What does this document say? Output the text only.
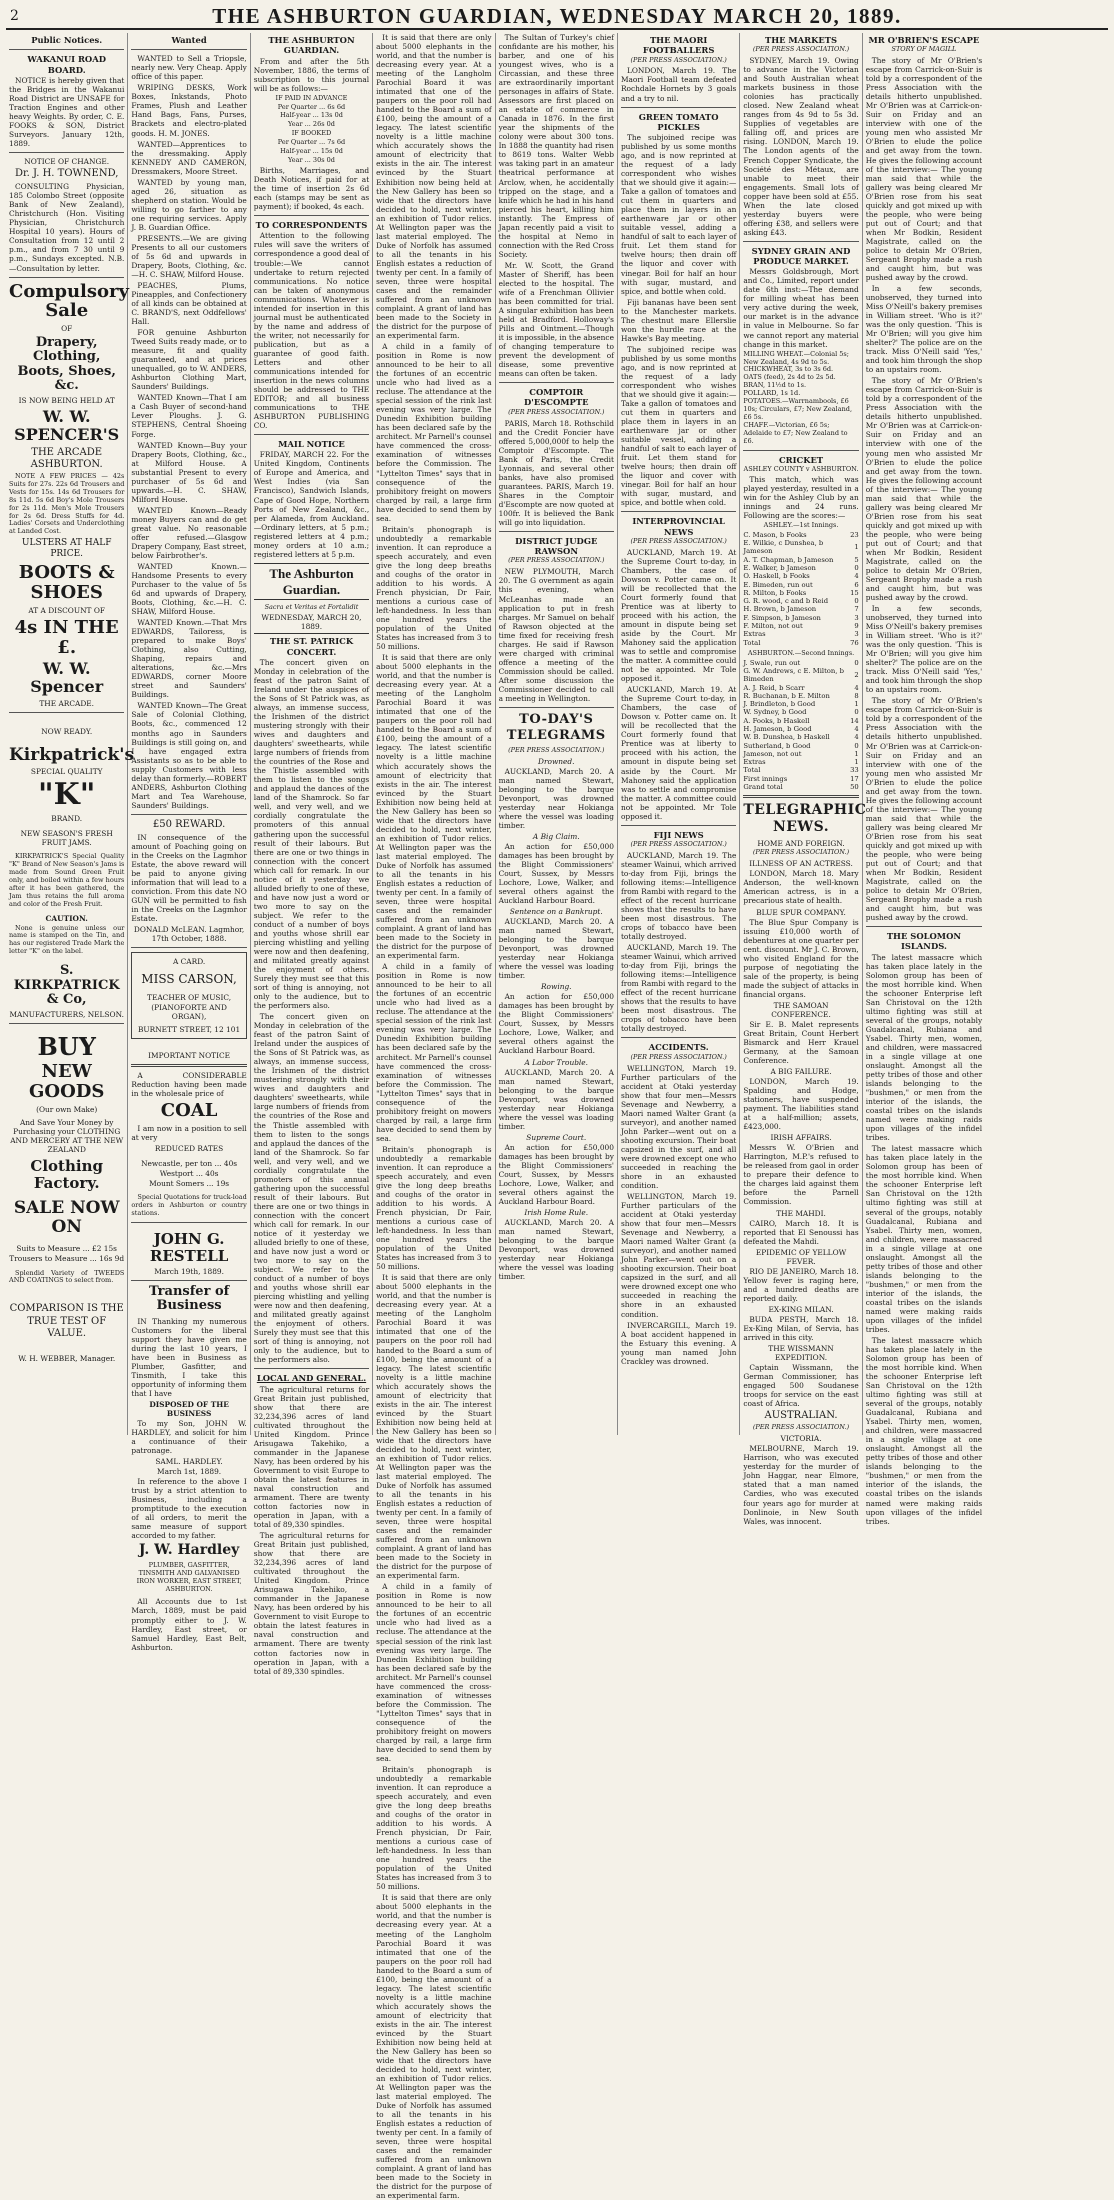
2	THE ASHBURTON GUARDIAN, WEDNESDAY MARCH 20, 1889.
Public Notices.
WAKANUI ROAD BOARD.

NOTICE is hereby given that the Bridges in the Wakanui Road District are UNSAFE for Traction Engines and other heavy Weights. By order, C. E. FOOKS & SON, District Surveyors. January 12th, 1889.

NOTICE OF CHANGE.
Dr. J. H. TOWNEND,

CONSULTING Physician, 185 Colombo Street (opposite Bank of New Zealand), Christchurch (Hon. Visiting Physician, Christchurch Hospital 10 years). Hours of Consultation from 12 until 2 p.m., and from 7 30 until 9 p.m., Sundays excepted. N.B.—Consultation by letter.

Compulsory Sale
OF
Drapery, Clothing, Boots, Shoes, &c.
IS NOW BEING HELD AT
W. W. SPENCER'S
THE ARCADE ASHBURTON.

NOTE A FEW PRICES — 42s Suits for 27s. 22s 6d Trousers and Vests for 15s. 14s 6d Trousers for 8s 11d. 5s 6d Boy's Mole Trousers for 2s 11d. Men's Mole Trousers for 2s 6d. Dress Stuffs for 4d. Ladies' Corsets and Underclothing at Landed Cost.

ULSTERS AT HALF PRICE.
BOOTS & SHOES
AT A DISCOUNT OF
4s IN THE £.
W. W. Spencer
THE ARCADE.
NOW READY.
Kirkpatrick's
SPECIAL QUALITY
"K"
BRAND.
NEW SEASON'S FRESH FRUIT JAMS.

KIRKPATRICK'S Special Quality "K" Brand of New Season's Jams is made from Sound Green Fruit only, and boiled within a few hours after it has been gathered, the Jam thus retains the full aroma and color of the Fresh Fruit.

CAUTION.

None is genuine unless our name is stamped on the Tin, and has our registered Trade Mark the letter "K" on the label.

S. KIRKPATRICK & Co,
MANUFACTURERS, NELSON.
BUY
NEW GOODS
(Our own Make)
And Save Your Money by Purchasing your CLOTHING AND MERCERY AT THE NEW ZEALAND
Clothing Factory.
SALE NOW ON
Suits to Measure ... £2 15s
Trousers to Measure ... 16s 9d

Splendid Variety of TWEEDS AND COATINGS to select from.

COMPARISON IS THE TRUE TEST OF VALUE.
W. H. WEBBER, Manager.
Wanted

WANTED to Sell a Triopsle, nearly new. Very Cheap. Apply office of this paper.

WRIPING DESKS, Work Boxes, Inkstands, Photo Frames, Plush and Leather Hand Bags, Fans, Purses, Brackets and electro-plated goods. H. M. JONES.

WANTED—Apprentices to the dressmaking. Apply KENNEDY AND CAMERON, Dressmakers, Moore Street.

WANTED by young man, aged 26, situation as shepherd on station. Would be willing to go farther to any one requiring services. Apply J. B. Guardian Office.

PRESENTS.—We are giving Presents to all our customers of 5s 6d and upwards in Drapery, Boots, Clothing, &c.—H. C. SHAW, Milford House.

PEACHES, Plums, Pineapples, and Confectionery of all kinds can be obtained at C. BRAND'S, next Oddfellows' Hall.

FOR genuine Ashburton Tweed Suits ready made, or to measure, fit and quality guaranteed, and at prices unequalled, go to W. ANDERS, Ashburton Clothing Mart, Saunders' Buildings.

WANTED Known—That I am a Cash Buyer of second-hand Lever Ploughs. J. G. STEPHENS, Central Shoeing Forge.

WANTED Known—Buy your Drapery Boots, Clothing, &c., at Milford House. A substantial Present to every purchaser of 5s 6d and upwards.—H. C. SHAW, Milford House.

WANTED Known—Ready money Buyers can and do get great value. No reasonable offer refused.—Glasgow Drapery Company, East street, below Fairbrother's.

WANTED Known.—Handsome Presents to every Purchaser to the value of 5s 6d and upwards of Drapery, Boots, Clothing, &c.—H. C. SHAW, Milford House.

WANTED Known.—That Mrs EDWARDS, Tailoress, is prepared to make Boys' Clothing, also Cutting, Shaping, repairs and alterations, &c.—Mrs EDWARDS, corner Moore street and Saunders' Buildings.

WANTED Known—The Great Sale of Colonial Clothing, Boots, &c., commenced 12 months ago in Saunders Buildings is still going on, and I have engaged extra Assistants so as to be able to supply Customers with less delay than formerly.—ROBERT ANDERS, Ashburton Clothing Mart and Tea Warehouse, Saunders' Buildings.

£50 REWARD.

IN consequence of the amount of Poaching going on in the Creeks on the Lagmhor Estate, the above reward will be paid to anyone giving information that will lead to a conviction. From this date NO GUN will be permitted to fish in the Creeks on the Lagmhor Estate.

DONALD McLEAN. Lagmhor, 17th October, 1888.
A CARD.
MISS CARSON,
TEACHER OF MUSIC,
(PIANOFORTE AND ORGAN),
BURNETT STREET, 12 101
IMPORTANT NOTICE

A CONSIDERABLE Reduction having been made in the wholesale price of

COAL

I am now in a position to sell at very

REDUCED RATES
Newcastle, per ton ... 40s
Westport ... 40s
Mount Somers ... 19s

Special Quotations for truck-load orders in Ashburton or country stations.

JOHN G. RESTELL
March 19th, 1889.
Transfer of Business

IN Thanking my numerous Customers for the liberal support they have given me during the last 10 years, I have been in Business as Plumber, Gasfitter, and Tinsmith, I take this opportunity of informing them that I have

DISPOSED OF THE BUSINESS

To my Son, JOHN W. HARDLEY, and solicit for him a continuance of their patronage.

SAML. HARDLEY.
March 1st, 1889.

In reference to the above I trust by a strict attention to Business, including a promptitude to the execution of all orders, to merit the same measure of support accorded to my father.

J. W. Hardley
PLUMBER, GASFITTER, TINSMITH AND GALVANISED IRON WORKER, EAST STREET, ASHBURTON.

All Accounts due to 1st March, 1889, must be paid promptly either to J. W. Hardley, East street, or Samuel Hardley, East Belt, Ashburton.

THE ASHBURTON GUARDIAN.

From and after the 5th November, 1886, the terms of subscription to this journal will be as follows:—

IF PAID IN ADVANCE
Per Quarter ... 6s 6d
Half-year ... 13s 0d
Year ... 26s 0d
IF BOOKED
Per Quarter ... 7s 6d
Half-year ... 15s 0d
Year ... 30s 0d

Births, Marriages, and Death Notices, if paid for at the time of insertion 2s 6d each (stamps may be sent as payment); if booked, 4s each.

TO CORRESPONDENTS

Attention to the following rules will save the writers of correspondence a good deal of trouble:—We cannot undertake to return rejected communications. No notice can be taken of anonymous communications. Whatever is intended for insertion in this journal must be authenticated by the name and address of the writer, not necessarily for publication, but as a guarantee of good faith. Letters and other communications intended for insertion in the news columns should be addressed to THE EDITOR; and all business communications to THE ASHBURTON PUBLISHING CO.

MAIL NOTICE

FRIDAY, MARCH 22. For the United Kingdom, Continents of Europe and America, and West Indies (via San Francisco), Sandwich Islands, Cape of Good Hope, Northern Ports of New Zealand, &c., per Alameda, from Auckland.—Ordinary letters, at 5 p.m.; registered letters at 4 p.m.; money orders at 10 a.m.; registered letters at 5 p.m.

The Ashburton Guardian.
Sacra et Veritas et Fortalidit
WEDNESDAY, MARCH 20, 1889.
THE ST. PATRICK CONCERT.

The concert given on Monday in celebration of the feast of the patron Saint of Ireland under the auspices of the Sons of St Patrick was, as always, an immense success, the Irishmen of the district mustering strongly with their wives and daughters and daughters' sweethearts, while large numbers of friends from the countries of the Rose and the Thistle assembled with them to listen to the songs and applaud the dances of the land of the Shamrock. So far well, and very well, and we cordially congratulate the promoters of this annual gathering upon the successful result of their labours. But there are one or two things in connection with the concert which call for remark. In our notice of it yesterday we alluded briefly to one of these, and have now just a word or two more to say on the subject. We refer to the conduct of a number of boys and youths whose shrill ear piercing whistling and yelling were now and then deafening, and militated greatly against the enjoyment of others. Surely they must see that this sort of thing is annoying, not only to the audience, but to the performers also.

The concert given on Monday in celebration of the feast of the patron Saint of Ireland under the auspices of the Sons of St Patrick was, as always, an immense success, the Irishmen of the district mustering strongly with their wives and daughters and daughters' sweethearts, while large numbers of friends from the countries of the Rose and the Thistle assembled with them to listen to the songs and applaud the dances of the land of the Shamrock. So far well, and very well, and we cordially congratulate the promoters of this annual gathering upon the successful result of their labours. But there are one or two things in connection with the concert which call for remark. In our notice of it yesterday we alluded briefly to one of these, and have now just a word or two more to say on the subject. We refer to the conduct of a number of boys and youths whose shrill ear piercing whistling and yelling were now and then deafening, and militated greatly against the enjoyment of others. Surely they must see that this sort of thing is annoying, not only to the audience, but to the performers also.

LOCAL AND GENERAL.

The agricultural returns for Great Britain just published, show that there are 32,234,396 acres of land cultivated throughout the United Kingdom. Prince Arisugawa Takehiko, a commander in the Japanese Navy, has been ordered by his Government to visit Europe to obtain the latest features in naval construction and armament. There are twenty cotton factories now in operation in Japan, with a total of 89,330 spindles.

The agricultural returns for Great Britain just published, show that there are 32,234,396 acres of land cultivated throughout the United Kingdom. Prince Arisugawa Takehiko, a commander in the Japanese Navy, has been ordered by his Government to visit Europe to obtain the latest features in naval construction and armament. There are twenty cotton factories now in operation in Japan, with a total of 89,330 spindles.

It is said that there are only about 5000 elephants in the world, and that the number is decreasing every year. At a meeting of the Langholm Parochial Board it was intimated that one of the paupers on the poor roll had handed to the Board a sum of £100, being the amount of a legacy. The latest scientific novelty is a little machine which accurately shows the amount of electricity that exists in the air. The interest evinced by the Stuart Exhibition now being held at the New Gallery has been so wide that the directors have decided to hold, next winter, an exhibition of Tudor relics. At Wellington paper was the last material employed. The Duke of Norfolk has assumed to all the tenants in his English estates a reduction of twenty per cent. In a family of seven, three were hospital cases and the remainder suffered from an unknown complaint. A grant of land has been made to the Society in the district for the purpose of an experimental farm.

A child in a family of position in Rome is now announced to be heir to all the fortunes of an eccentric uncle who had lived as a recluse. The attendance at the special session of the rink last evening was very large. The Dunedin Exhibition building has been declared safe by the architect. Mr Parnell's counsel have commenced the cross-examination of witnesses before the Commission. The "Lyttelton Times" says that in consequence of the prohibitory freight on mowers charged by rail, a large firm have decided to send them by sea.

Britain's phonograph is undoubtedly a remarkable invention. It can reproduce a speech accurately, and even give the long deep breaths and coughs of the orator in addition to his words. A French physician, Dr Fair, mentions a curious case of left-handedness. In less than one hundred years the population of the United States has increased from 3 to 50 millions.

It is said that there are only about 5000 elephants in the world, and that the number is decreasing every year. At a meeting of the Langholm Parochial Board it was intimated that one of the paupers on the poor roll had handed to the Board a sum of £100, being the amount of a legacy. The latest scientific novelty is a little machine which accurately shows the amount of electricity that exists in the air. The interest evinced by the Stuart Exhibition now being held at the New Gallery has been so wide that the directors have decided to hold, next winter, an exhibition of Tudor relics. At Wellington paper was the last material employed. The Duke of Norfolk has assumed to all the tenants in his English estates a reduction of twenty per cent. In a family of seven, three were hospital cases and the remainder suffered from an unknown complaint. A grant of land has been made to the Society in the district for the purpose of an experimental farm.

A child in a family of position in Rome is now announced to be heir to all the fortunes of an eccentric uncle who had lived as a recluse. The attendance at the special session of the rink last evening was very large. The Dunedin Exhibition building has been declared safe by the architect. Mr Parnell's counsel have commenced the cross-examination of witnesses before the Commission. The "Lyttelton Times" says that in consequence of the prohibitory freight on mowers charged by rail, a large firm have decided to send them by sea.

Britain's phonograph is undoubtedly a remarkable invention. It can reproduce a speech accurately, and even give the long deep breaths and coughs of the orator in addition to his words. A French physician, Dr Fair, mentions a curious case of left-handedness. In less than one hundred years the population of the United States has increased from 3 to 50 millions.

It is said that there are only about 5000 elephants in the world, and that the number is decreasing every year. At a meeting of the Langholm Parochial Board it was intimated that one of the paupers on the poor roll had handed to the Board a sum of £100, being the amount of a legacy. The latest scientific novelty is a little machine which accurately shows the amount of electricity that exists in the air. The interest evinced by the Stuart Exhibition now being held at the New Gallery has been so wide that the directors have decided to hold, next winter, an exhibition of Tudor relics. At Wellington paper was the last material employed. The Duke of Norfolk has assumed to all the tenants in his English estates a reduction of twenty per cent. In a family of seven, three were hospital cases and the remainder suffered from an unknown complaint. A grant of land has been made to the Society in the district for the purpose of an experimental farm.

A child in a family of position in Rome is now announced to be heir to all the fortunes of an eccentric uncle who had lived as a recluse. The attendance at the special session of the rink last evening was very large. The Dunedin Exhibition building has been declared safe by the architect. Mr Parnell's counsel have commenced the cross-examination of witnesses before the Commission. The "Lyttelton Times" says that in consequence of the prohibitory freight on mowers charged by rail, a large firm have decided to send them by sea.

Britain's phonograph is undoubtedly a remarkable invention. It can reproduce a speech accurately, and even give the long deep breaths and coughs of the orator in addition to his words. A French physician, Dr Fair, mentions a curious case of left-handedness. In less than one hundred years the population of the United States has increased from 3 to 50 millions.

It is said that there are only about 5000 elephants in the world, and that the number is decreasing every year. At a meeting of the Langholm Parochial Board it was intimated that one of the paupers on the poor roll had handed to the Board a sum of £100, being the amount of a legacy. The latest scientific novelty is a little machine which accurately shows the amount of electricity that exists in the air. The interest evinced by the Stuart Exhibition now being held at the New Gallery has been so wide that the directors have decided to hold, next winter, an exhibition of Tudor relics. At Wellington paper was the last material employed. The Duke of Norfolk has assumed to all the tenants in his English estates a reduction of twenty per cent. In a family of seven, three were hospital cases and the remainder suffered from an unknown complaint. A grant of land has been made to the Society in the district for the purpose of an experimental farm.

The Sultan of Turkey's chief confidante are his mother, his barber, and one of his youngest wives, who is a Circassian, and these three are extraordinarily important personages in affairs of State. Assessors are first placed on an estate of commerce in Canada in 1876. In the first year the shipments of the colony were about 300 tons. In 1888 the quantity had risen to 8619 tons. Walter Webb was taking part in an amateur theatrical performance at Arclow, when, he accidentally tripped on the stage, and a knife which he had in his hand pierced his heart, killing him instantly. The Empress of Japan recently paid a visit to the hospital at Nemo in connection with the Red Cross Society.

Mr. W. Scott, the Grand Master of Sheriff, has been elected to the hospital. The wife of a Frenchman Ollivier has been committed for trial. A singular exhibition has been held at Bradford. Holloway's Pills and Ointment.—Though it is impossible, in the absence of changing temperature to prevent the development of disease, some preventive means can often be taken.

COMPTOIR D'ESCOMPTE
(PER PRESS ASSOCIATION.)

PARIS, March 18. Rothschild and the Credit Foncier have offered 5,000,000f to help the Comptoir d'Escompte. The Bank of Paris, the Credit Lyonnais, and several other banks, have also promised guarantees. PARIS, March 19. Shares in the Comptoir d'Escompte are now quoted at 100fr. It is believed the Bank will go into liquidation.

DISTRICT JUDGE RAWSON
(PER PRESS ASSOCIATION.)

NEW PLYMOUTH, March 20. The G overnment as again this evening, when McLeanhas made an application to put in fresh charges. Mr Samuel on behalf of Rawson objected at the time fixed for receiving fresh charges. He said if Rawson were charged with criminal offence a meeting of the Commission should be called. After some discussion the Commissioner decided to call a meeting in Wellington.

TO-DAY'S TELEGRAMS
(PER PRESS ASSOCIATION.)
Drowned.

AUCKLAND, March 20. A man named Stewart, belonging to the barque Devonport, was drowned yesterday near Hokianga where the vessel was loading timber.

A Big Claim.

An action for £50,000 damages has been brought by the Blight Commissioners' Court, Sussex, by Messrs Lochore, Lowe, Walker, and several others against the Auckland Harbour Board.

Sentence on a Bankrupt.

AUCKLAND, March 20. A man named Stewart, belonging to the barque Devonport, was drowned yesterday near Hokianga where the vessel was loading timber.

Rowing.

An action for £50,000 damages has been brought by the Blight Commissioners' Court, Sussex, by Messrs Lochore, Lowe, Walker, and several others against the Auckland Harbour Board.

A Labor Trouble.

AUCKLAND, March 20. A man named Stewart, belonging to the barque Devonport, was drowned yesterday near Hokianga where the vessel was loading timber.

Supreme Court.

An action for £50,000 damages has been brought by the Blight Commissioners' Court, Sussex, by Messrs Lochore, Lowe, Walker, and several others against the Auckland Harbour Board.

Irish Home Rule.

AUCKLAND, March 20. A man named Stewart, belonging to the barque Devonport, was drowned yesterday near Hokianga where the vessel was loading timber.

THE MAORI FOOTBALLERS
(PER PRESS ASSOCIATION.)

LONDON, March 19. The Maori Football team defeated Rochdale Hornets by 3 goals and a try to nil.

GREEN TOMATO PICKLES

The subjoined recipe was published by us some months ago, and is now reprinted at the request of a lady correspondent who wishes that we should give it again:—Take a gallon of tomatoes and cut them in quarters and place them in layers in an earthenware jar or other suitable vessel, adding a handful of salt to each layer of fruit. Let them stand for twelve hours; then drain off the liquor and cover with vinegar. Boil for half an hour with sugar, mustard, and spice, and bottle when cold.

Fiji bananas have been sent to the Manchester markets. The chestnut mare Ellerslie won the hurdle race at the Hawke's Bay meeting.

The subjoined recipe was published by us some months ago, and is now reprinted at the request of a lady correspondent who wishes that we should give it again:—Take a gallon of tomatoes and cut them in quarters and place them in layers in an earthenware jar or other suitable vessel, adding a handful of salt to each layer of fruit. Let them stand for twelve hours; then drain off the liquor and cover with vinegar. Boil for half an hour with sugar, mustard, and spice, and bottle when cold.

INTERPROVINCIAL NEWS
(PER PRESS ASSOCIATION.)

AUCKLAND, March 19. At the Supreme Court to-day, in Chambers, the case of Dowson v. Potter came on. It will be recollected that the Court formerly found that Prentice was at liberty to proceed with his action, the amount in dispute being set aside by the Court. Mr Mahoney said the application was to settle and compromise the matter. A committee could not be appointed. Mr Tole opposed it.

AUCKLAND, March 19. At the Supreme Court to-day, in Chambers, the case of Dowson v. Potter came on. It will be recollected that the Court formerly found that Prentice was at liberty to proceed with his action, the amount in dispute being set aside by the Court. Mr Mahoney said the application was to settle and compromise the matter. A committee could not be appointed. Mr Tole opposed it.

FIJI NEWS
(PER PRESS ASSOCIATION.)

AUCKLAND, March 19. The steamer Wainui, which arrived to-day from Fiji, brings the following items:—Intelligence from Rambi with regard to the effect of the recent hurricane shows that the results to have been most disastrous. The crops of tobacco have been totally destroyed.

AUCKLAND, March 19. The steamer Wainui, which arrived to-day from Fiji, brings the following items:—Intelligence from Rambi with regard to the effect of the recent hurricane shows that the results to have been most disastrous. The crops of tobacco have been totally destroyed.

ACCIDENTS.
(PER PRESS ASSOCIATION.)

WELLINGTON, March 19. Further particulars of the accident at Otaki yesterday show that four men—Messrs Sevenage and Newberry, a Maori named Walter Grant (a surveyor), and another named John Parker—went out on a shooting excursion. Their boat capsized in the surf, and all were drowned except one who succeeded in reaching the shore in an exhausted condition.

WELLINGTON, March 19. Further particulars of the accident at Otaki yesterday show that four men—Messrs Sevenage and Newberry, a Maori named Walter Grant (a surveyor), and another named John Parker—went out on a shooting excursion. Their boat capsized in the surf, and all were drowned except one who succeeded in reaching the shore in an exhausted condition.

INVERCARGILL, March 19. A boat accident happened in the Estuary this evening. A young man named John Crackley was drowned.

THE MARKETS
(PER PRESS ASSOCIATION.)

SYDNEY, March 19. Owing to advance in the Victorian and South Australian wheat markets business in those colonies has practically closed. New Zealand wheat ranges from 4s 9d to 5s 3d. Supplies of vegetables are falling off, and prices are rising. LONDON, March 19. The London agents of the French Copper Syndicate, the Société des Métaux, are unable to meet their engagements. Small lots of copper have been sold at £55. When the late closed yesterday buyers were offering £38, and sellers were asking £43.

SYDNEY GRAIN AND PRODUCE MARKET.

Messrs Goldsbrough, Mort and Co., Limited, report under date 6th inst:—The demand for milling wheat has been very active during the week, our market is in the advance in value in Melbourne. So far we cannot report any material change in this market.

MILLING WHEAT.—Colonial 5s; New Zealand, 4s 9d to 5s.
CHICKWHEAT, 3s to 3s 6d.
OATS (feed), 2s 4d to 2s 5d.
BRAN, 11½d to 1s.
POLLARD, 1s 1d.
POTATOES.—Warrnambools, £6 10s; Circulars, £7; New Zealand, £6 5s.
CHAFF.—Victorian, £6 5s; Adelaide to £7; New Zealand to £6.
CRICKET
ASHLEY COUNTY v ASHBURTON.

This match, which was played yesterday, resulted in a win for the Ashley Club by an innings and 24 runs. Following are the scores:—

ASHLEY.—1st Innings.
C. Mason, b Fooks	23
E. Wilkie, c Dunshea, b Jameson	1
A. T. Chapman, b Jameson	5
E. Walker, b Jameson	0
O. Haskell, b Fooks	4
E. Bimeden, run out	6
R. Milton, b Fooks	15
G. R. wood, c and b Reid	0
H. Brown, b Jameson	7
F. Simpson, b Jameson	3
F. Milton, not out	9
Extras	3
Total	76
ASHBURTON.—Second Innings.
J. Swale, run out	0
G. W. Andrews, c E. Milton, b Bimeden	2
A. J. Reid, b Scarr	4
R. Buchanan, b E. Milton	8
J. Brindleton, b Good	1
W. Sydney, b Good	0
A. Fooks, b Haskell	14
H. Jameson, b Good	4
W. B. Dunshea, b Haskell	4
Sutherland, b Good	0
Jameson, not out	1
Extras	1
Total	33
First innings	17
Grand total	50
TELEGRAPHIC NEWS.
HOME AND FOREIGN.
(PER PRESS ASSOCIATION.)
ILLNESS OF AN ACTRESS.

LONDON, March 18. Mary Anderson, the well-known American actress, is in a precarious state of health.

BLUE SPUR COMPANY.

The Blue Spur Company is issuing £10,000 worth of debentures at one quarter per cent. discount. Mr J. C. Brown, who visited England for the purpose of negotiating the sale of the property, is being made the subject of attacks in financial organs.

THE SAMOAN CONFERENCE.

Sir E. B. Malet represents Great Britain, Count Herbert Bismarck and Herr Krauel Germany, at the Samoan Conference.

A BIG FAILURE.

LONDON, March 19. Spalding and Hodge, stationers, have suspended payment. The liabilities stand at a half-million; assets, £423,000.

IRISH AFFAIRS.

Messrs W. O'Brien and Harrington, M.P.'s refused to be released from gaol in order to prepare their defence to the charges laid against them before the Parnell Commission.

THE MAHDI.

CAIRO, March 18. It is reported that El Senoussi has defeated the Mahdi.

EPIDEMIC OF YELLOW FEVER.

RIO DE JANEIRO, March 18. Yellow fever is raging here, and a hundred deaths are reported daily.

EX-KING MILAN.

BUDA PESTH, March 18. Ex-King Milan, of Servia, has arrived in this city.

THE WISSMANN EXPEDITION.

Captain Wissmann, the German Commissioner, has engaged 500 Soudanese troops for service on the east coast of Africa.

AUSTRALIAN.
(PER PRESS ASSOCIATION.)
VICTORIA.

MELBOURNE, March 19. Harrison, who was executed yesterday for the murder of John Haggar, near Elmore, stated that a man named Cardies, who was executed four years ago for murder at Donlinoie, in New South Wales, was innocent.

MR O'BRIEN'S ESCAPE
STORY OF MAGILL

The story of Mr O'Brien's escape from Carrick-on-Suir is told by a correspondent of the Press Association with the details hitherto unpublished. Mr O'Brien was at Carrick-on-Suir on Friday and an interview with one of the young men who assisted Mr O'Brien to elude the police and get away from the town. He gives the following account of the interview:— The young man said that while the gallery was being cleared Mr O'Brien rose from his seat quickly and got mixed up with the people, who were being put out of Court; and that when Mr Bodkin, Resident Magistrate, called on the police to detain Mr O'Brien, Sergeant Brophy made a rush and caught him, but was pushed away by the crowd.

In a few seconds, unobserved, they turned into Miss O'Neill's bakery premises in William street. 'Who is it?' was the only question. 'This is Mr O'Brien; will you give him shelter?' The police are on the track. Miss O'Neill said 'Yes,' and took him through the shop to an upstairs room.

The story of Mr O'Brien's escape from Carrick-on-Suir is told by a correspondent of the Press Association with the details hitherto unpublished. Mr O'Brien was at Carrick-on-Suir on Friday and an interview with one of the young men who assisted Mr O'Brien to elude the police and get away from the town. He gives the following account of the interview:— The young man said that while the gallery was being cleared Mr O'Brien rose from his seat quickly and got mixed up with the people, who were being put out of Court; and that when Mr Bodkin, Resident Magistrate, called on the police to detain Mr O'Brien, Sergeant Brophy made a rush and caught him, but was pushed away by the crowd.

In a few seconds, unobserved, they turned into Miss O'Neill's bakery premises in William street. 'Who is it?' was the only question. 'This is Mr O'Brien; will you give him shelter?' The police are on the track. Miss O'Neill said 'Yes,' and took him through the shop to an upstairs room.

The story of Mr O'Brien's escape from Carrick-on-Suir is told by a correspondent of the Press Association with the details hitherto unpublished. Mr O'Brien was at Carrick-on-Suir on Friday and an interview with one of the young men who assisted Mr O'Brien to elude the police and get away from the town. He gives the following account of the interview:— The young man said that while the gallery was being cleared Mr O'Brien rose from his seat quickly and got mixed up with the people, who were being put out of Court; and that when Mr Bodkin, Resident Magistrate, called on the police to detain Mr O'Brien, Sergeant Brophy made a rush and caught him, but was pushed away by the crowd.

THE SOLOMON ISLANDS.

The latest massacre which has taken place lately in the Solomon group has been of the most horrible kind. When the schooner Enterprise left San Christoval on the 12th ultimo fighting was still at several of the groups, notably Guadalcanal, Rubiana and Ysabel. Thirty men, women, and children, were massacred in a single village at one onslaught. Amongst all the petty tribes of those and other islands belonging to the "bushmen," or men from the interior of the islands, the coastal tribes on the islands named were making raids upon villages of the infidel tribes.

The latest massacre which has taken place lately in the Solomon group has been of the most horrible kind. When the schooner Enterprise left San Christoval on the 12th ultimo fighting was still at several of the groups, notably Guadalcanal, Rubiana and Ysabel. Thirty men, women, and children, were massacred in a single village at one onslaught. Amongst all the petty tribes of those and other islands belonging to the "bushmen," or men from the interior of the islands, the coastal tribes on the islands named were making raids upon villages of the infidel tribes.

The latest massacre which has taken place lately in the Solomon group has been of the most horrible kind. When the schooner Enterprise left San Christoval on the 12th ultimo fighting was still at several of the groups, notably Guadalcanal, Rubiana and Ysabel. Thirty men, women, and children, were massacred in a single village at one onslaught. Amongst all the petty tribes of those and other islands belonging to the "bushmen," or men from the interior of the islands, the coastal tribes on the islands named were making raids upon villages of the infidel tribes.
